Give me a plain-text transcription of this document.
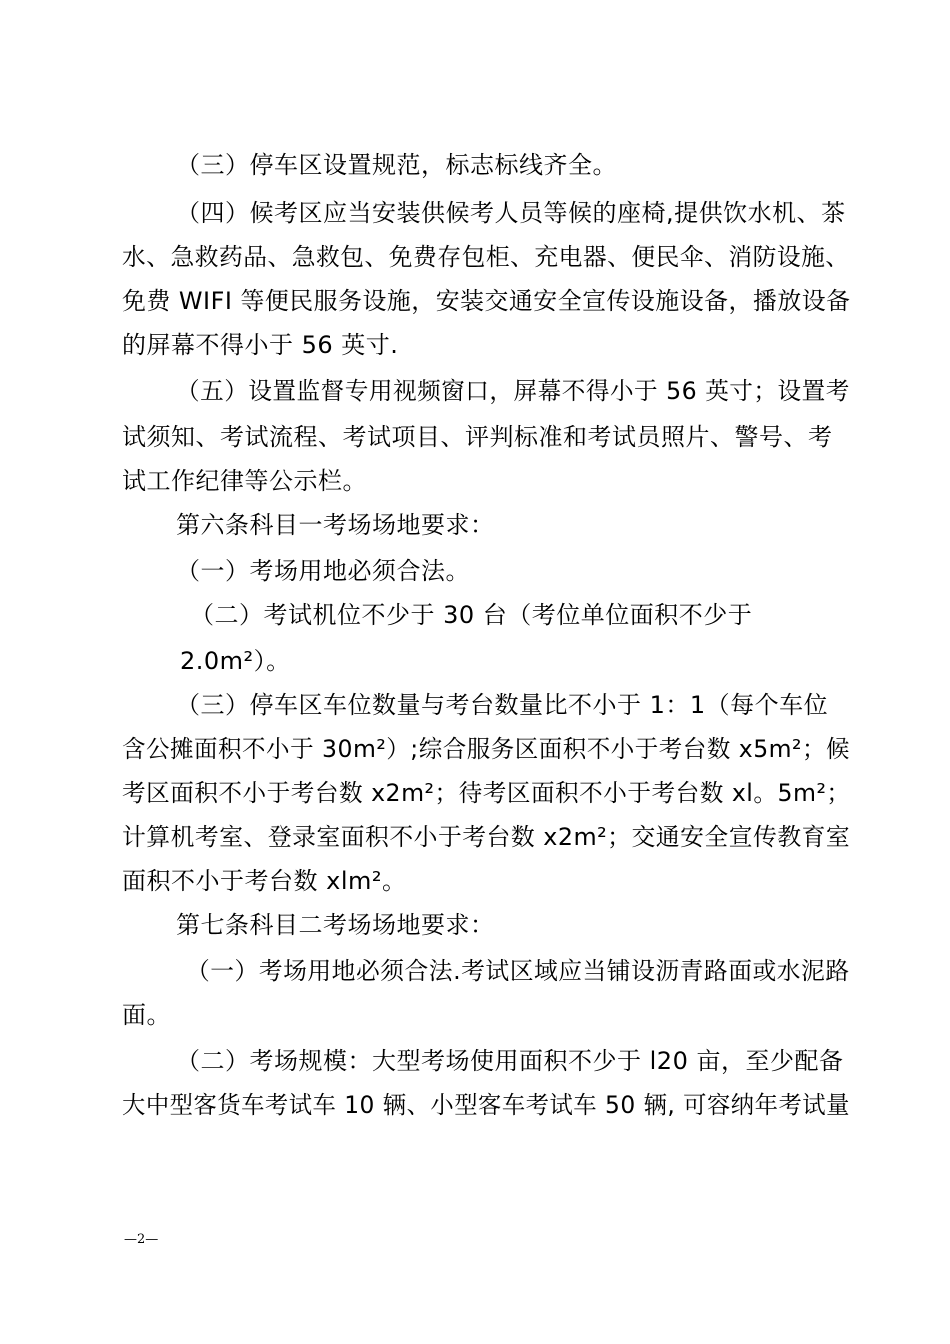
（三）停车区设置规范，标志标线齐全。
（四）候考区应当安装供候考人员等候的座椅,提供饮水机、茶
水、急救药品、急救包、免费存包柜、充电器、便民伞、消防设施、
免费 WIFI 等便民服务设施，安装交通安全宣传设施设备，播放设备
的屏幕不得小于 56 英寸.
（五）设置监督专用视频窗口，屏幕不得小于 56 英寸；设置考
试须知、考试流程、考试项目、评判标准和考试员照片、警号、考
试工作纪律等公示栏。
第六条科目一考场场地要求：
（一）考场用地必须合法。
（二）考试机位不少于 30 台（考位单位面积不少于
2.0m²）。
（三）停车区车位数量与考台数量比不小于 1：1（每个车位
含公摊面积不小于 30m²）;综合服务区面积不小于考台数 x5m²；候
考区面积不小于考台数 x2m²；待考区面积不小于考台数 xl。5m²；
计算机考室、登录室面积不小于考台数 x2m²；交通安全宣传教育室
面积不小于考台数 xlm²。
第七条科目二考场场地要求：
（一）考场用地必须合法.考试区域应当铺设沥青路面或水泥路
面。
（二）考场规模：大型考场使用面积不少于 l20 亩，至少配备
大中型客货车考试车 10 辆、小型客车考试车 50 辆, 可容纳年考试量
—2—
